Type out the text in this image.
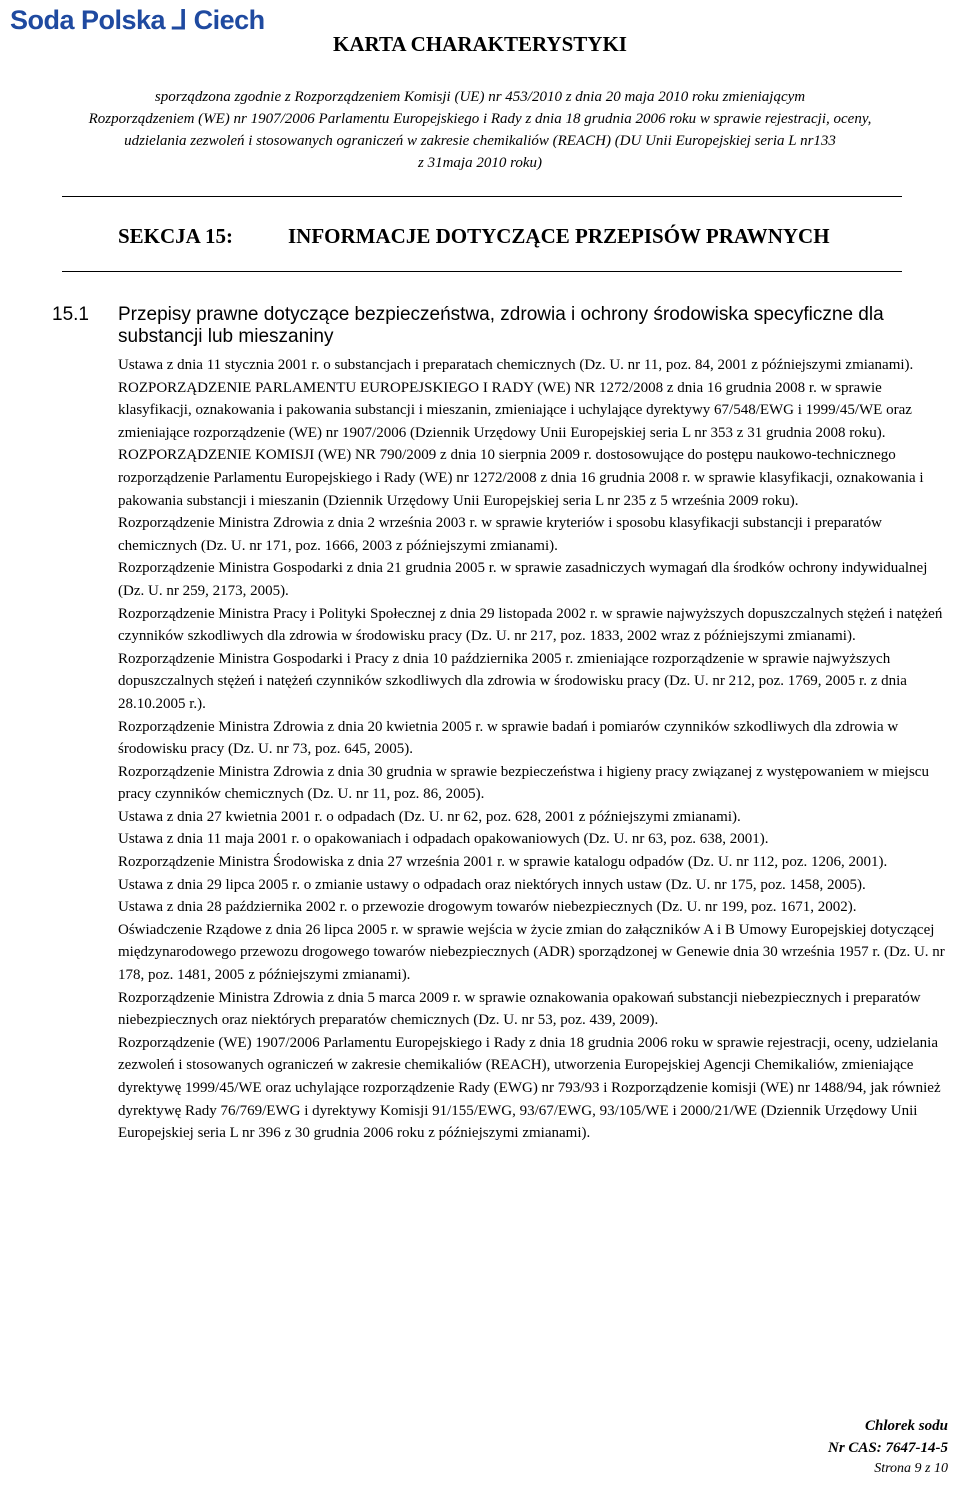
Soda Polska ⅃ Ciech
KARTA CHARAKTERYSTYKI
sporządzona zgodnie z Rozporządzeniem Komisji (UE) nr 453/2010 z dnia 20 maja 2010 roku zmieniającym
Rozporządzeniem (WE) nr 1907/2006 Parlamentu Europejskiego i Rady z dnia 18 grudnia 2006 roku w sprawie rejestracji, oceny,
udzielania zezwoleń i stosowanych ograniczeń w zakresie chemikaliów (REACH) (DU Unii Europejskiej seria L nr133
z 31maja 2010 roku)
SEKCJA 15:	INFORMACJE DOTYCZĄCE PRZEPISÓW PRAWNYCH
15.1 Przepisy prawne dotyczące bezpieczeństwa, zdrowia i ochrony środowiska specyficzne dla substancji lub mieszaniny

Ustawa z dnia 11 stycznia 2001 r. o substancjach i preparatach chemicznych (Dz. U. nr 11, poz. 84, 2001 z późniejszymi zmianami).

ROZPORZĄDZENIE PARLAMENTU EUROPEJSKIEGO I RADY (WE) NR 1272/2008 z dnia 16 grudnia 2008 r. w sprawie klasyfikacji, oznakowania i pakowania substancji i mieszanin, zmieniające i uchylające dyrektywy 67/548/EWG i 1999/45/WE oraz zmieniające rozporządzenie (WE) nr 1907/2006 (Dziennik Urzędowy Unii Europejskiej seria L nr 353 z 31 grudnia 2008 roku).

ROZPORZĄDZENIE KOMISJI (WE) NR 790/2009 z dnia 10 sierpnia 2009 r. dostosowujące do postępu naukowo-technicznego rozporządzenie Parlamentu Europejskiego i Rady (WE) nr 1272/2008 z dnia 16 grudnia 2008 r. w sprawie klasyfikacji, oznakowania i pakowania substancji i mieszanin (Dziennik Urzędowy Unii Europejskiej seria L nr 235 z 5 września 2009 roku).

Rozporządzenie Ministra Zdrowia z dnia 2 września 2003 r. w sprawie kryteriów i sposobu klasyfikacji substancji i preparatów chemicznych (Dz. U. nr 171, poz. 1666, 2003 z późniejszymi zmianami).

Rozporządzenie Ministra Gospodarki z dnia 21 grudnia 2005 r. w sprawie zasadniczych wymagań dla środków ochrony indywidualnej (Dz. U. nr 259, 2173, 2005).

Rozporządzenie Ministra Pracy i Polityki Społecznej z dnia 29 listopada 2002 r. w sprawie najwyższych dopuszczalnych stężeń i natężeń czynników szkodliwych dla zdrowia w środowisku pracy (Dz. U. nr 217, poz. 1833, 2002 wraz z późniejszymi zmianami).

Rozporządzenie Ministra Gospodarki i Pracy z dnia 10 października 2005 r. zmieniające rozporządzenie w sprawie najwyższych dopuszczalnych stężeń i natężeń czynników szkodliwych dla zdrowia w środowisku pracy (Dz. U. nr 212, poz. 1769, 2005 r. z dnia 28.10.2005 r.).

Rozporządzenie Ministra Zdrowia z dnia 20 kwietnia 2005 r. w sprawie badań i pomiarów czynników szkodliwych dla zdrowia w środowisku pracy (Dz. U. nr 73, poz. 645, 2005).

Rozporządzenie Ministra Zdrowia z dnia 30 grudnia w sprawie bezpieczeństwa i higieny pracy związanej z występowaniem w miejscu pracy czynników chemicznych (Dz. U. nr 11, poz. 86, 2005).

Ustawa z dnia 27 kwietnia 2001 r. o odpadach (Dz. U. nr 62, poz. 628, 2001 z późniejszymi zmianami).

Ustawa z dnia 11 maja 2001 r. o opakowaniach i odpadach opakowaniowych (Dz. U. nr 63, poz. 638, 2001).

Rozporządzenie Ministra Środowiska z dnia 27 września 2001 r. w sprawie katalogu odpadów (Dz. U. nr 112, poz. 1206, 2001).

Ustawa z dnia 29 lipca 2005 r. o zmianie ustawy o odpadach oraz niektórych innych ustaw (Dz. U. nr 175, poz. 1458, 2005).

Ustawa z dnia 28 października 2002 r. o przewozie drogowym towarów niebezpiecznych (Dz. U. nr 199, poz. 1671, 2002).

Oświadczenie Rządowe z dnia 26 lipca 2005 r. w sprawie wejścia w życie zmian do załączników A i B Umowy Europejskiej dotyczącej międzynarodowego przewozu drogowego towarów niebezpiecznych (ADR) sporządzonej w Genewie dnia 30 września 1957 r. (Dz. U. nr 178, poz. 1481, 2005 z późniejszymi zmianami).

Rozporządzenie Ministra Zdrowia z dnia 5 marca 2009 r. w sprawie oznakowania opakowań substancji niebezpiecznych i preparatów niebezpiecznych oraz niektórych preparatów chemicznych (Dz. U. nr 53, poz. 439, 2009).

Rozporządzenie (WE) 1907/2006 Parlamentu Europejskiego i Rady z dnia 18 grudnia 2006 roku w sprawie rejestracji, oceny, udzielania zezwoleń i stosowanych ograniczeń w zakresie chemikaliów (REACH), utworzenia Europejskiej Agencji Chemikaliów, zmieniające dyrektywę 1999/45/WE oraz uchylające rozporządzenie Rady (EWG) nr 793/93 i Rozporządzenie komisji (WE) nr 1488/94, jak również dyrektywę Rady 76/769/EWG i dyrektywy Komisji 91/155/EWG, 93/67/EWG, 93/105/WE i 2000/21/WE (Dziennik Urzędowy Unii Europejskiej seria L nr 396 z 30 grudnia 2006 roku z późniejszymi zmianami).

Chlorek sodu
Nr CAS: 7647-14-5
Strona 9 z 10
